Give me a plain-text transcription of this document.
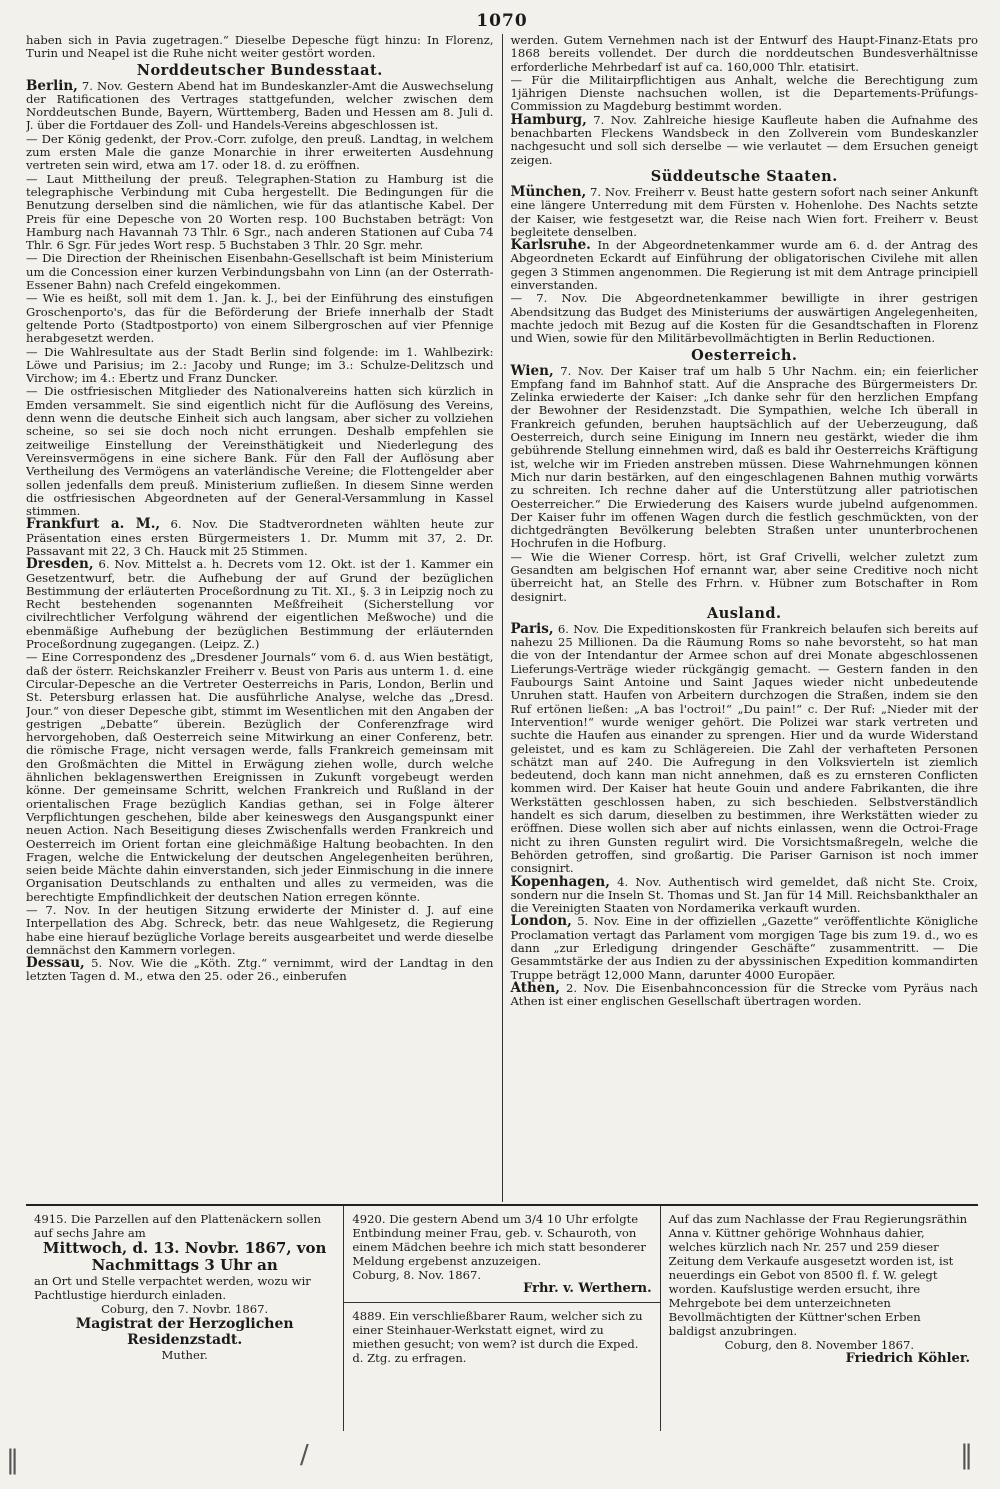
1070

haben sich in Pavia zugetragen.“ Dieselbe Depesche fügt hinzu: In Florenz, Turin und Neapel ist die Ruhe nicht weiter gestört worden.

Norddeutscher Bundesstaat.

Berlin, 7. Nov. Gestern Abend hat im Bundeskanzler-Amt die Auswechselung der Ratificationen des Vertrages stattgefunden, welcher zwischen dem Norddeutschen Bunde, Bayern, Württemberg, Baden und Hessen am 8. Juli d. J. über die Fortdauer des Zoll- und Handels-Vereins abgeschlossen ist.

— Der König gedenkt, der Prov.-Corr. zufolge, den preuß. Landtag, in welchem zum ersten Male die ganze Monarchie in ihrer erweiterten Ausdehnung vertreten sein wird, etwa am 17. oder 18. d. zu eröffnen.

— Laut Mittheilung der preuß. Telegraphen-Station zu Hamburg ist die telegraphische Verbindung mit Cuba hergestellt. Die Bedingungen für die Benutzung derselben sind die nämlichen, wie für das atlantische Kabel. Der Preis für eine Depesche von 20 Worten resp. 100 Buchstaben beträgt: Von Hamburg nach Havannah 73 Thlr. 6 Sgr., nach anderen Stationen auf Cuba 74 Thlr. 6 Sgr. Für jedes Wort resp. 5 Buchstaben 3 Thlr. 20 Sgr. mehr.

— Die Direction der Rheinischen Eisenbahn-Gesellschaft ist beim Ministerium um die Concession einer kurzen Verbindungsbahn von Linn (an der Osterrath-Essener Bahn) nach Crefeld eingekommen.

— Wie es heißt, soll mit dem 1. Jan. k. J., bei der Einführung des einstufigen Groschenporto's, das für die Beförderung der Briefe innerhalb der Stadt geltende Porto (Stadtpostporto) von einem Silbergroschen auf vier Pfennige herabgesetzt werden.

— Die Wahlresultate aus der Stadt Berlin sind folgende: im 1. Wahlbezirk: Löwe und Parisius; im 2.: Jacoby und Runge; im 3.: Schulze-Delitzsch und Virchow; im 4.: Ebertz und Franz Duncker.

— Die ostfriesischen Mitglieder des Nationalvereins hatten sich kürzlich in Emden versammelt. Sie sind eigentlich nicht für die Auflösung des Vereins, denn wenn die deutsche Einheit sich auch langsam, aber sicher zu vollziehen scheine, so sei sie doch noch nicht errungen. Deshalb empfehlen sie zeitweilige Einstellung der Vereinsthätigkeit und Niederlegung des Vereinsvermögens in eine sichere Bank. Für den Fall der Auflösung aber Vertheilung des Vermögens an vaterländische Vereine; die Flottengelder aber sollen jedenfalls dem preuß. Ministerium zufließen. In diesem Sinne werden die ostfriesischen Abgeordneten auf der General-Versammlung in Kassel stimmen.

Frankfurt a. M., 6. Nov. Die Stadtverordneten wählten heute zur Präsentation eines ersten Bürgermeisters 1. Dr. Mumm mit 37, 2. Dr. Passavant mit 22, 3 Ch. Hauck mit 25 Stimmen.

Dresden, 6. Nov. Mittelst a. h. Decrets vom 12. Okt. ist der 1. Kammer ein Gesetzentwurf, betr. die Aufhebung der auf Grund der bezüglichen Bestimmung der erläuterten Proceßordnung zu Tit. XI., §. 3 in Leipzig noch zu Recht bestehenden sogenannten Meßfreiheit (Sicherstellung vor civilrechtlicher Verfolgung während der eigentlichen Meßwoche) und die ebenmäßige Aufhebung der bezüglichen Bestimmung der erläuternden Proceßordnung zugegangen. (Leipz. Z.)

— Eine Correspondenz des „Dresdener Journals“ vom 6. d. aus Wien bestätigt, daß der österr. Reichskanzler Freiherr v. Beust von Paris aus unterm 1. d. eine Circular-Depesche an die Vertreter Oesterreichs in Paris, London, Berlin und St. Petersburg erlassen hat. Die ausführliche Analyse, welche das „Dresd. Jour.“ von dieser Depesche gibt, stimmt im Wesentlichen mit den Angaben der gestrigen „Debatte“ überein. Bezüglich der Conferenzfrage wird hervorgehoben, daß Oesterreich seine Mitwirkung an einer Conferenz, betr. die römische Frage, nicht versagen werde, falls Frankreich gemeinsam mit den Großmächten die Mittel in Erwägung ziehen wolle, durch welche ähnlichen beklagenswerthen Ereignissen in Zukunft vorgebeugt werden könne. Der gemeinsame Schritt, welchen Frankreich und Rußland in der orientalischen Frage bezüglich Kandias gethan, sei in Folge älterer Verpflichtungen geschehen, bilde aber keineswegs den Ausgangspunkt einer neuen Action. Nach Beseitigung dieses Zwischenfalls werden Frankreich und Oesterreich im Orient fortan eine gleichmäßige Haltung beobachten. In den Fragen, welche die Entwickelung der deutschen Angelegenheiten berühren, seien beide Mächte dahin einverstanden, sich jeder Einmischung in die innere Organisation Deutschlands zu enthalten und alles zu vermeiden, was die berechtigte Empfindlichkeit der deutschen Nation erregen könnte.

— 7. Nov. In der heutigen Sitzung erwiderte der Minister d. J. auf eine Interpellation des Abg. Schreck, betr. das neue Wahlgesetz, die Regierung habe eine hierauf bezügliche Vorlage bereits ausgearbeitet und werde dieselbe demnächst den Kammern vorlegen.

Dessau, 5. Nov. Wie die „Köth. Ztg.“ vernimmt, wird der Landtag in den letzten Tagen d. M., etwa den 25. oder 26., einberufen

werden. Gutem Vernehmen nach ist der Entwurf des Haupt-Finanz-Etats pro 1868 bereits vollendet. Der durch die norddeutschen Bundesverhältnisse erforderliche Mehrbedarf ist auf ca. 160,000 Thlr. etatisirt.

— Für die Militairpflichtigen aus Anhalt, welche die Berechtigung zum 1jährigen Dienste nachsuchen wollen, ist die Departements-Prüfungs-Commission zu Magdeburg bestimmt worden.

Hamburg, 7. Nov. Zahlreiche hiesige Kaufleute haben die Aufnahme des benachbarten Fleckens Wandsbeck in den Zollverein vom Bundeskanzler nachgesucht und soll sich derselbe — wie verlautet — dem Ersuchen geneigt zeigen.

Süddeutsche Staaten.

München, 7. Nov. Freiherr v. Beust hatte gestern sofort nach seiner Ankunft eine längere Unterredung mit dem Fürsten v. Hohenlohe. Des Nachts setzte der Kaiser, wie festgesetzt war, die Reise nach Wien fort. Freiherr v. Beust begleitete denselben.

Karlsruhe. In der Abgeordnetenkammer wurde am 6. d. der Antrag des Abgeordneten Eckardt auf Einführung der obligatorischen Civilehe mit allen gegen 3 Stimmen angenommen. Die Regierung ist mit dem Antrage principiell einverstanden.

— 7. Nov. Die Abgeordnetenkammer bewilligte in ihrer gestrigen Abendsitzung das Budget des Ministeriums der auswärtigen Angelegenheiten, machte jedoch mit Bezug auf die Kosten für die Gesandtschaften in Florenz und Wien, sowie für den Militärbevollmächtigten in Berlin Reductionen.

Oesterreich.

Wien, 7. Nov. Der Kaiser traf um halb 5 Uhr Nachm. ein; ein feierlicher Empfang fand im Bahnhof statt. Auf die Ansprache des Bürgermeisters Dr. Zelinka erwiederte der Kaiser: „Ich danke sehr für den herzlichen Empfang der Bewohner der Residenzstadt. Die Sympathien, welche Ich überall in Frankreich gefunden, beruhen hauptsächlich auf der Ueberzeugung, daß Oesterreich, durch seine Einigung im Innern neu gestärkt, wieder die ihm gebührende Stellung einnehmen wird, daß es bald ihr Oesterreichs Kräftigung ist, welche wir im Frieden anstreben müssen. Diese Wahrnehmungen können Mich nur darin bestärken, auf den eingeschlagenen Bahnen muthig vorwärts zu schreiten. Ich rechne daher auf die Unterstützung aller patriotischen Oesterreicher.“ Die Erwiederung des Kaisers wurde jubelnd aufgenommen. Der Kaiser fuhr im offenen Wagen durch die festlich geschmückten, von der dichtgedrängten Bevölkerung belebten Straßen unter ununterbrochenen Hochrufen in die Hofburg.

— Wie die Wiener Corresp. hört, ist Graf Crivelli, welcher zuletzt zum Gesandten am belgischen Hof ernannt war, aber seine Creditive noch nicht überreicht hat, an Stelle des Frhrn. v. Hübner zum Botschafter in Rom designirt.

Ausland.

Paris, 6. Nov. Die Expeditionskosten für Frankreich belaufen sich bereits auf nahezu 25 Millionen. Da die Räumung Roms so nahe bevorsteht, so hat man die von der Intendantur der Armee schon auf drei Monate abgeschlossenen Lieferungs-Verträge wieder rückgängig gemacht. — Gestern fanden in den Faubourgs Saint Antoine und Saint Jaques wieder nicht unbedeutende Unruhen statt. Haufen von Arbeitern durchzogen die Straßen, indem sie den Ruf ertönen ließen: „A bas l'octroi!“ „Du pain!“ c. Der Ruf: „Nieder mit der Intervention!“ wurde weniger gehört. Die Polizei war stark vertreten und suchte die Haufen aus einander zu sprengen. Hier und da wurde Widerstand geleistet, und es kam zu Schlägereien. Die Zahl der verhafteten Personen schätzt man auf 240. Die Aufregung in den Volksvierteln ist ziemlich bedeutend, doch kann man nicht annehmen, daß es zu ernsteren Conflicten kommen wird. Der Kaiser hat heute Gouin und andere Fabrikanten, die ihre Werkstätten geschlossen haben, zu sich beschieden. Selbstverständlich handelt es sich darum, dieselben zu bestimmen, ihre Werkstätten wieder zu eröffnen. Diese wollen sich aber auf nichts einlassen, wenn die Octroi-Frage nicht zu ihren Gunsten regulirt wird. Die Vorsichtsmaßregeln, welche die Behörden getroffen, sind großartig. Die Pariser Garnison ist noch immer consignirt.

Kopenhagen, 4. Nov. Authentisch wird gemeldet, daß nicht Ste. Croix, sondern nur die Inseln St. Thomas und St. Jan für 14 Mill. Reichsbankthaler an die Vereinigten Staaten von Nordamerika verkauft wurden.

London, 5. Nov. Eine in der offiziellen „Gazette“ veröffentlichte Königliche Proclamation vertagt das Parlament vom morgigen Tage bis zum 19. d., wo es dann „zur Erledigung dringender Geschäfte“ zusammentritt. — Die Gesammtstärke der aus Indien zu der abyssinischen Expedition kommandirten Truppe beträgt 12,000 Mann, darunter 4000 Europäer.

Athen, 2. Nov. Die Eisenbahnconcession für die Strecke vom Pyräus nach Athen ist einer englischen Gesellschaft übertragen worden.

4915. Die Parzellen auf den Plattenäckern sollen auf sechs Jahre am
Mittwoch, d. 13. Novbr. 1867, von Nachmittags 3 Uhr an
an Ort und Stelle verpachtet werden, wozu wir Pachtlustige hierdurch einladen.
Coburg, den 7. Novbr. 1867.
Magistrat der Herzoglichen Residenzstadt.
Muther.
4920. Die gestern Abend um 3/4 10 Uhr erfolgte Entbindung meiner Frau, geb. v. Schauroth, von einem Mädchen beehre ich mich statt besonderer Meldung ergebenst anzuzeigen.
Coburg, 8. Nov. 1867.
Frhr. v. Werthern.
4889. Ein verschließbarer Raum, welcher sich zu einer Steinhauer-Werkstatt eignet, wird zu miethen gesucht; von wem? ist durch die Exped. d. Ztg. zu erfragen.
Auf das zum Nachlasse der Frau Regierungsräthin Anna v. Küttner gehörige Wohnhaus dahier, welches kürzlich nach Nr. 257 und 259 dieser Zeitung dem Verkaufe ausgesetzt worden ist, ist neuerdings ein Gebot von 8500 fl. f. W. gelegt worden. Kaufslustige werden ersucht, ihre Mehrgebote bei dem unterzeichneten Bevollmächtigten der Küttner'schen Erben baldigst anzubringen.
Coburg, den 8. November 1867.
Friedrich Köhler.
‖	/	‖
